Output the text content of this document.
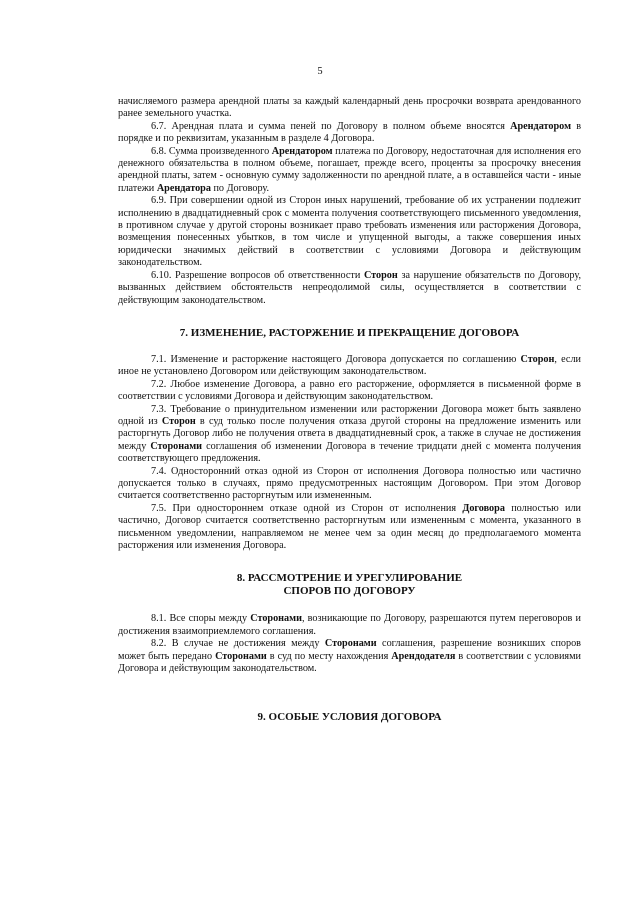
5

начисляемого размера арендной платы за каждый календарный день просрочки возврата арендованного ранее земельного участка.

6.7. Арендная плата и сумма пеней по Договору в полном объеме вносятся Арендатором в порядке и по реквизитам, указанным в разделе 4 Договора.

6.8. Сумма произведенного Арендатором платежа по Договору, недостаточная для исполнения его денежного обязательства в полном объеме, погашает, прежде всего, проценты за просрочку внесения арендной платы, затем - основную сумму задолженности по арендной плате, а в оставшейся части - иные платежи Арендатора по Договору.

6.9. При совершении одной из Сторон иных нарушений, требование об их устранении подлежит исполнению в двадцатидневный срок с момента получения соответствующего письменного уведомления, в противном случае у другой стороны возникает право требовать изменения или расторжения Договора, возмещения понесенных убытков, в том числе и упущенной выгоды, а также совершения иных юридически значимых действий в соответствии с условиями Договора и действующим законодательством.

6.10. Разрешение вопросов об ответственности Сторон за нарушение обязательств по Договору, вызванных действием обстоятельств непреодолимой силы, осуществляется в соответствии с действующим законодательством.

7. ИЗМЕНЕНИЕ, РАСТОРЖЕНИЕ И ПРЕКРАЩЕНИЕ ДОГОВОРА

7.1. Изменение и расторжение настоящего Договора допускается по соглашению Сторон, если иное не установлено Договором или действующим законодательством.

7.2. Любое изменение Договора, а равно его расторжение, оформляется в письменной форме в соответствии с условиями Договора и действующим законодательством.

7.3. Требование о принудительном изменении или расторжении Договора может быть заявлено одной из Сторон в суд только после получения отказа другой стороны на предложение изменить или расторгнуть Договор либо не получения ответа в двадцатидневный срок, а также в случае не достижения между Сторонами соглашения об изменении Договора в течение тридцати дней с момента получения соответствующего предложения.

7.4. Односторонний отказ одной из Сторон от исполнения Договора полностью или частично допускается только в случаях, прямо предусмотренных настоящим Договором. При этом Договор считается соответственно расторгнутым или измененным.

7.5. При одностороннем отказе одной из Сторон от исполнения Договора полностью или частично, Договор считается соответственно расторгнутым или измененным с момента, указанного в письменном уведомлении, направляемом не менее чем за один месяц до предполагаемого момента расторжения или изменения Договора.

8. РАССМОТРЕНИЕ И УРЕГУЛИРОВАНИЕ

СПОРОВ ПО ДОГОВОРУ

8.1. Все споры между Сторонами, возникающие по Договору, разрешаются путем переговоров и достижения взаимоприемлемого соглашения.

8.2. В случае не достижения между Сторонами соглашения, разрешение возникших споров может быть передано Сторонами в суд по месту нахождения Арендодателя в соответствии с условиями Договора и действующим законодательством.

9. ОСОБЫЕ УСЛОВИЯ ДОГОВОРА
